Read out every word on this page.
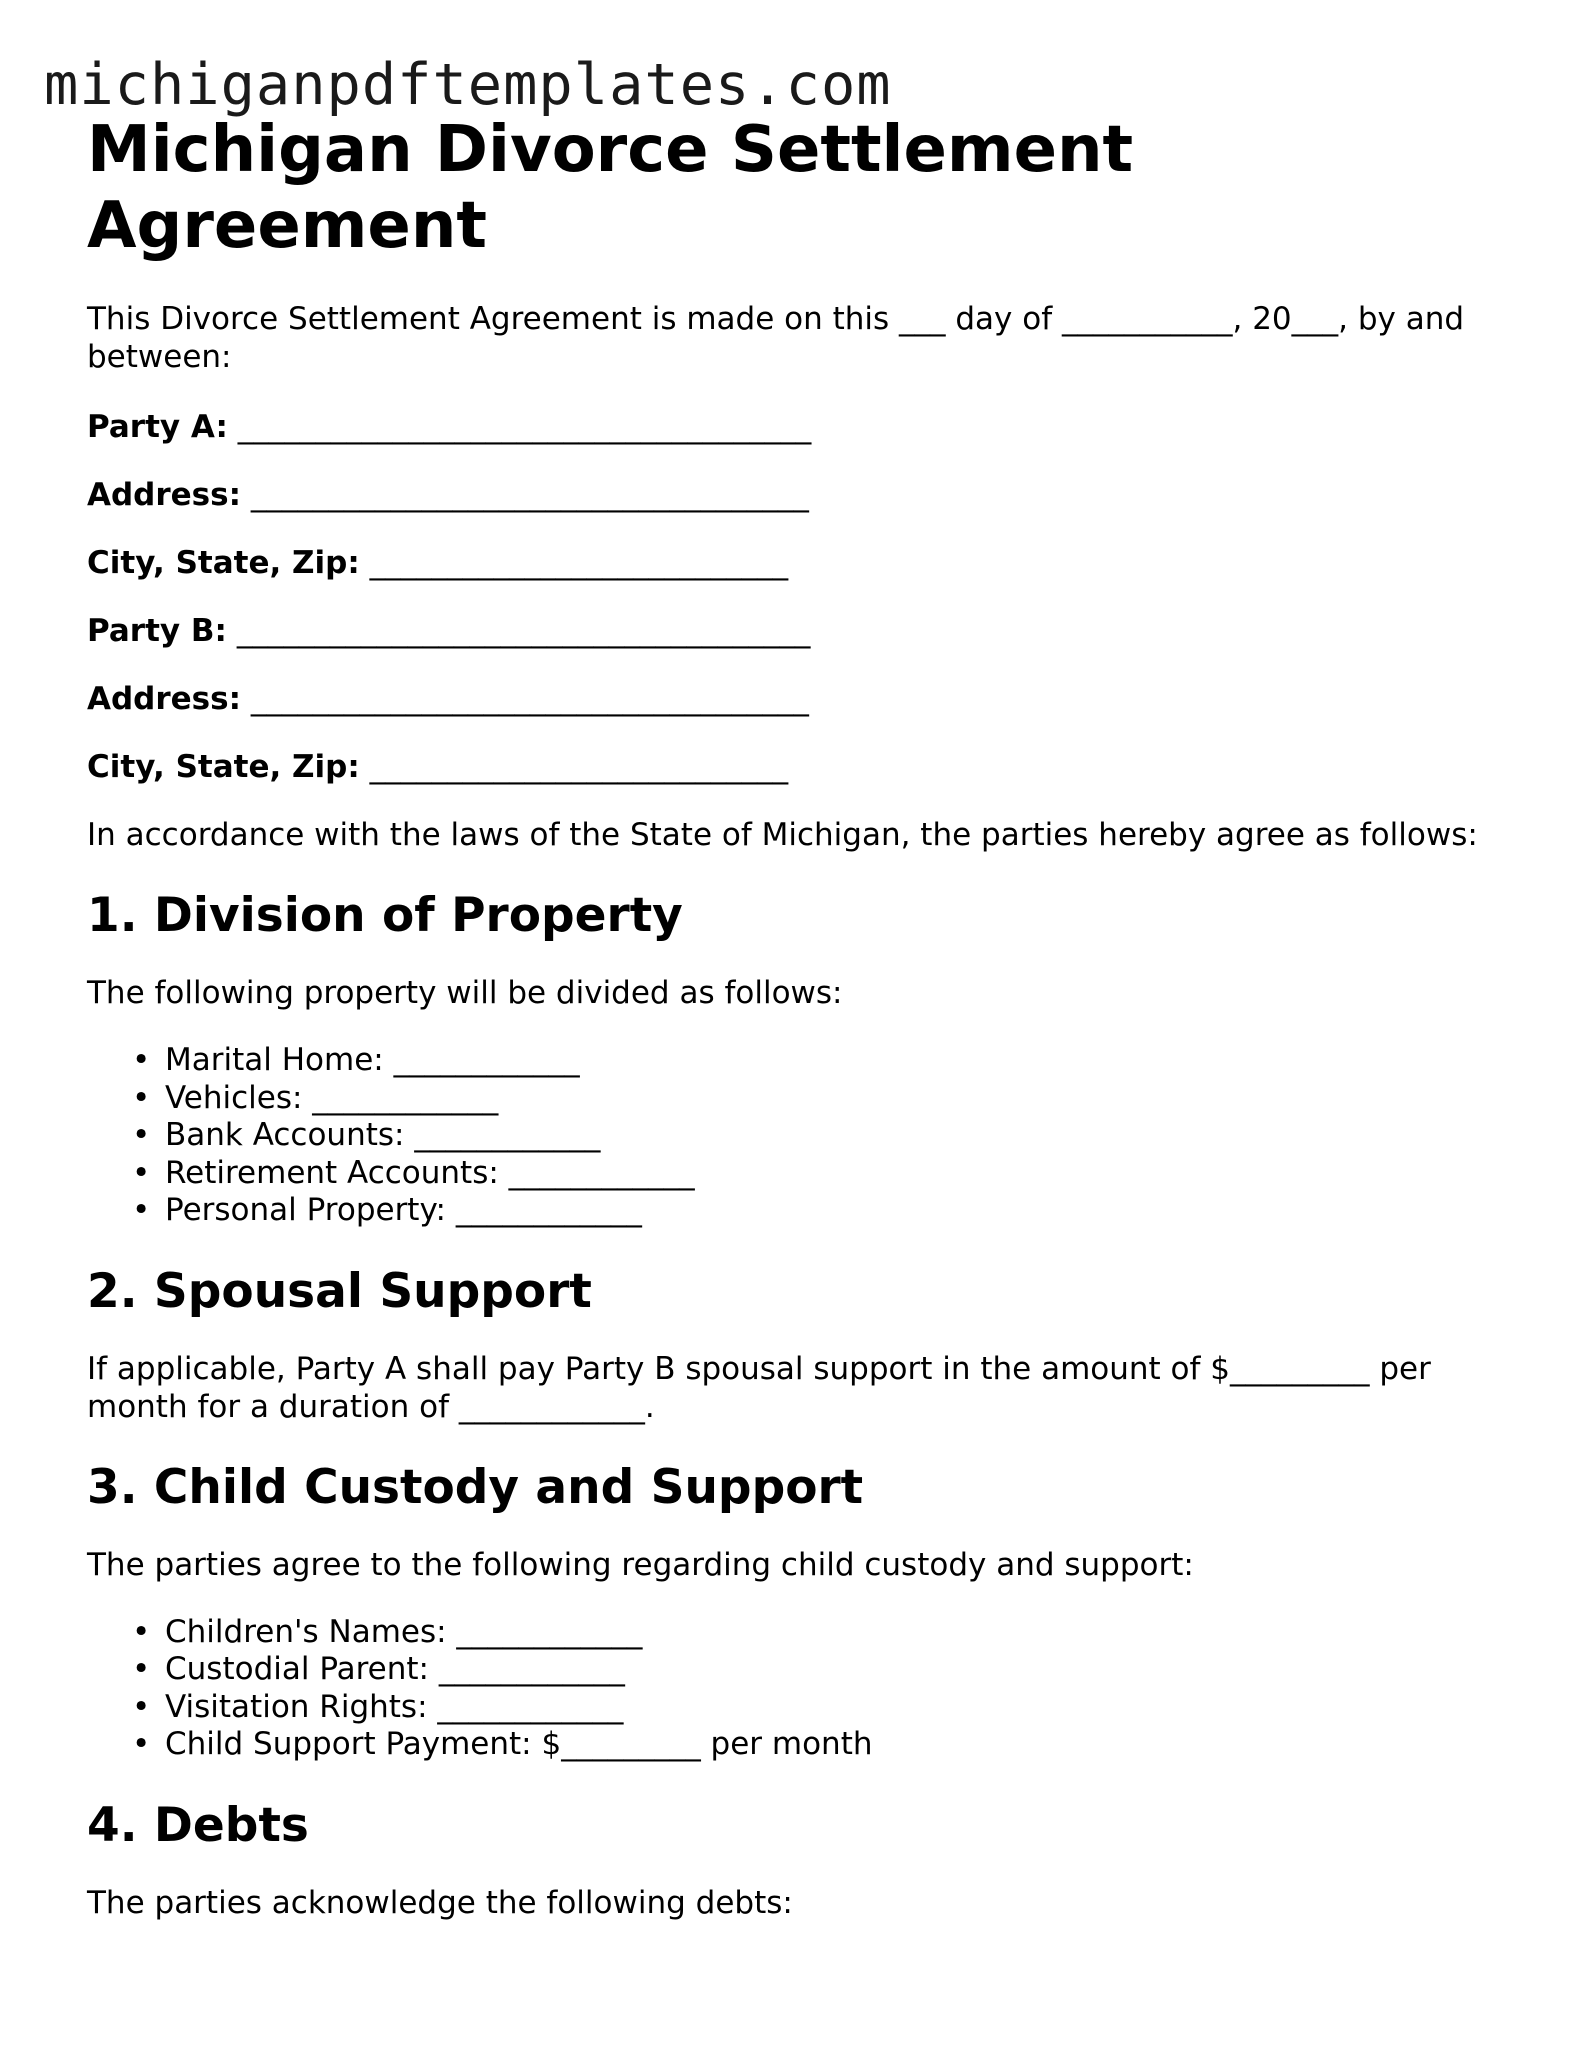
michiganpdftemplates.com
Michigan Divorce Settlement Agreement

This Divorce Settlement Agreement is made on this ___ day of ___________, 20___, by and between:

Party A: _____________________________________
Address: ____________________________________
City, State, Zip: ___________________________
Party B: _____________________________________
Address: ____________________________________
City, State, Zip: ___________________________

In accordance with the laws of the State of Michigan, the parties hereby agree as follows:

1. Division of Property

The following property will be divided as follows:

• Marital Home: ____________
• Vehicles: ____________
• Bank Accounts: ____________
• Retirement Accounts: ____________
• Personal Property: ____________
2. Spousal Support

If applicable, Party A shall pay Party B spousal support in the amount of $_________ per month for a duration of ____________.

3. Child Custody and Support

The parties agree to the following regarding child custody and support:

• Children's Names: ____________
• Custodial Parent: ____________
• Visitation Rights: ____________
• Child Support Payment: $_________ per month
4. Debts

The parties acknowledge the following debts:
